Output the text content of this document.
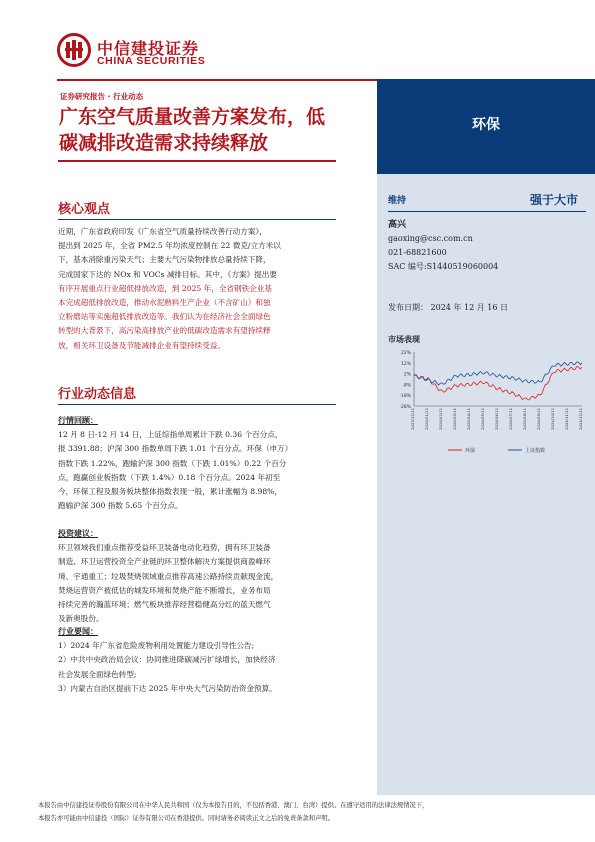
中信建投证券
CHINA SECURITIES
环保
维持	强于大市
高兴
gaoxing@csc.com.cn
021-68821600
SAC 编号:S1440519060004
发布日期： 2024 年 12 月 16 日
市场表现
22%
12%
2%
-8%
-18%
-28%
2023/12/11 2024/01/11 2024/02/11 2024/03/11 2024/04/11 2024/05/11 2024/06/11 2024/07/11 2024/08/11 2024/09/11 2024/10/11 2024/11/11 2024/12/11
环保	上证指数
证券研究报告 · 行业动态
广东空气质量改善方案发布，低
碳减排改造需求持续释放
核心观点
近期，广东省政府印发《广东省空气质量持续改善行动方案》，
提出到 2025 年，全省 PM2.5 年均浓度控制在 22 微克/立方米以
下，基本消除重污染天气；主要大气污染物排放总量持续下降，
完成国家下达的 NOx 和 VOCs 减排目标。其中，《方案》提出要
有序开展重点行业超低排放改造，到 2025 年，全省钢铁企业基
本完成超低排放改造，推动水泥熟料生产企业（不含矿山）和独
立粉磨站等实施超低排放改造等。我们认为在经济社会全面绿色
转型的大背景下，高污染高排放产业的低碳改造需求有望持续释
放，相关环卫设备及节能减排企业有望持续受益。
行业动态信息
行情回顾：
12 月 8 日-12 月 14 日，上证综指单周累计下跌 0.36 个百分点，
报 3391.88；沪深 300 指数单周下跌 1.01 个百分点。环保（申万）
指数下跌 1.22%，跑输沪深 300 指数（下跌 1.01%）0.22 个百分
点，跑赢创业板指数（下跌 1.4%）0.18 个百分点。2024 年初至
今，环保工程及服务板块整体指数表现一般，累计涨幅为 8.98%，
跑输沪深 300 指数 5.65 个百分点。
投资建议：
环卫领域我们重点推荐受益环卫装备电动化趋势，拥有环卫装备
制造、环卫运营投资全产业链的环卫整体解决方案提供商盈峰环
境、宇通重工；垃圾焚烧领域重点推荐高速公路持续贡献现金流，
焚烧运营资产被低估的城发环境和焚烧产能不断增长，业务布局
持续完善的瀚蓝环境；燃气板块推荐经营稳健高分红的蓝天燃气
及新奥股份。
行业要闻：
1）2024 年广东省危险废物利用处置能力建设引导性公告;
2）中共中央政治局会议：协同推进降碳减污扩绿增长，加快经济
社会发展全面绿色转型;
3）内蒙古自治区提前下达 2025 年中央大气污染防治资金预算。
本报告由中信建投证券股份有限公司在中华人民共和国（仅为本报告目的，不包括香港、澳门、台湾）提供。在遵守适用的法律法规情况下，
本报告亦可能由中信建投（国际）证券有限公司在香港提供。同时请务必阅读正文之后的免责条款和声明。
